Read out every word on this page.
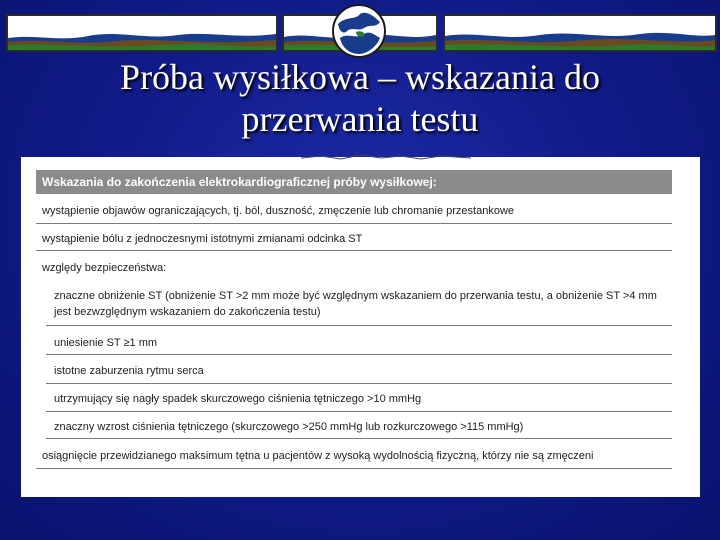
Próba wysiłkowa – wskazania do
przerwania testu
Wskazania do zakończenia elektrokardiograficznej próby wysiłkowej:
wystąpienie objawów ograniczających, tj. ból, duszność, zmęczenie lub chromanie przestankowe
wystąpienie bólu z jednoczesnymi istotnymi zmianami odcinka ST
względy bezpieczeństwa:
znaczne obniżenie ST (obniżenie ST >2 mm może być względnym wskazaniem do przerwania testu, a obniżenie ST >4 mm jest bezwzględnym wskazaniem do zakończenia testu)
uniesienie ST ≥1 mm
istotne zaburzenia rytmu serca
utrzymujący się nagły spadek skurczowego ciśnienia tętniczego >10 mmHg
znaczny wzrost ciśnienia tętniczego (skurczowego >250 mmHg lub rozkurczowego >115 mmHg)
osiągnięcie przewidzianego maksimum tętna u pacjentów z wysoką wydolnością fizyczną, którzy nie są zmęczeni
